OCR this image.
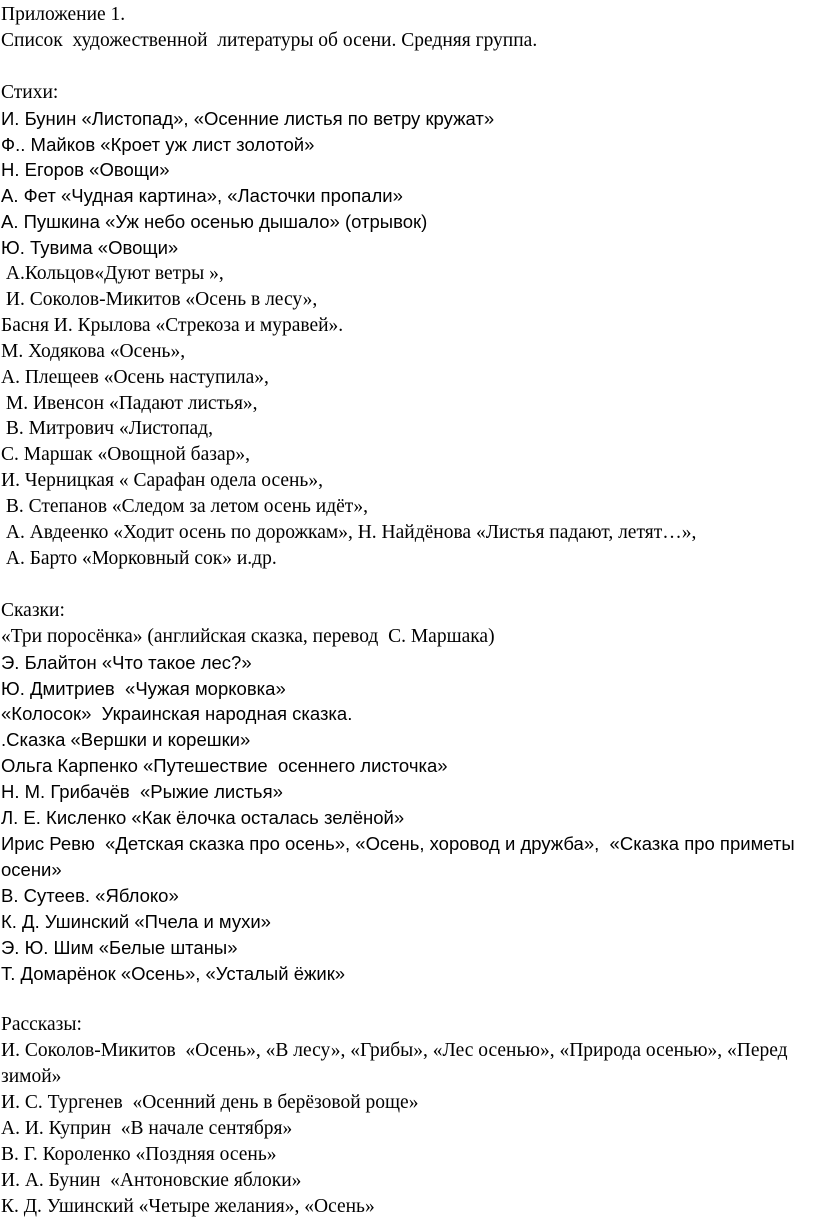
Приложение 1.
Список  художественной  литературы об осени. Средняя группа.
Стихи:
И. Бунин «Листопад», «Осенние листья по ветру кружат»
Ф.. Майков «Кроет уж лист золотой»
Н. Егоров «Овощи»
А. Фет «Чудная картина», «Ласточки пропали»
А. Пушкина «Уж небо осенью дышало» (отрывок)
Ю. Тувима «Овощи»
А.Кольцов«Дуют ветры »,
И. Соколов-Микитов «Осень в лесу»,
Басня И. Крылова «Стрекоза и муравей».
М. Ходякова «Осень»,
А. Плещеев «Осень наступила»,
М. Ивенсон «Падают листья»,
В. Митрович «Листопад,
С. Маршак «Овощной базар»,
И. Черницкая « Сарафан одела осень»,
В. Степанов «Следом за летом осень идёт»,
А. Авдеенко «Ходит осень по дорожкам», Н. Найдёнова «Листья падают, летят…»,
А. Барто «Морковный сок» и.др.
Сказки:
«Три поросёнка» (английская сказка, перевод  С. Маршака)
Э. Блайтон «Что такое лес?»
Ю. Дмитриев  «Чужая морковка»
«Колосок»  Украинская народная сказка.
.Сказка «Вершки и корешки»
Ольга Карпенко «Путешествие  осеннего листочка»
Н. М. Грибачёв  «Рыжие листья»
Л. Е. Кисленко «Как ёлочка осталась зелёной»
Ирис Ревю  «Детская сказка про осень», «Осень, хоровод и дружба»,  «Сказка про приметы осени»
В. Сутеев. «Яблоко»
К. Д. Ушинский «Пчела и мухи»
Э. Ю. Шим «Белые штаны»
Т. Домарёнок «Осень», «Усталый ёжик»
Рассказы:
И. Соколов-Микитов  «Осень», «В лесу», «Грибы», «Лес осенью», «Природа осенью», «Перед зимой»
И. С. Тургенев  «Осенний день в берёзовой роще»
А. И. Куприн  «В начале сентября»
В. Г. Короленко «Поздняя осень»
И. А. Бунин  «Антоновские яблоки»
К. Д. Ушинский «Четыре желания», «Осень»
